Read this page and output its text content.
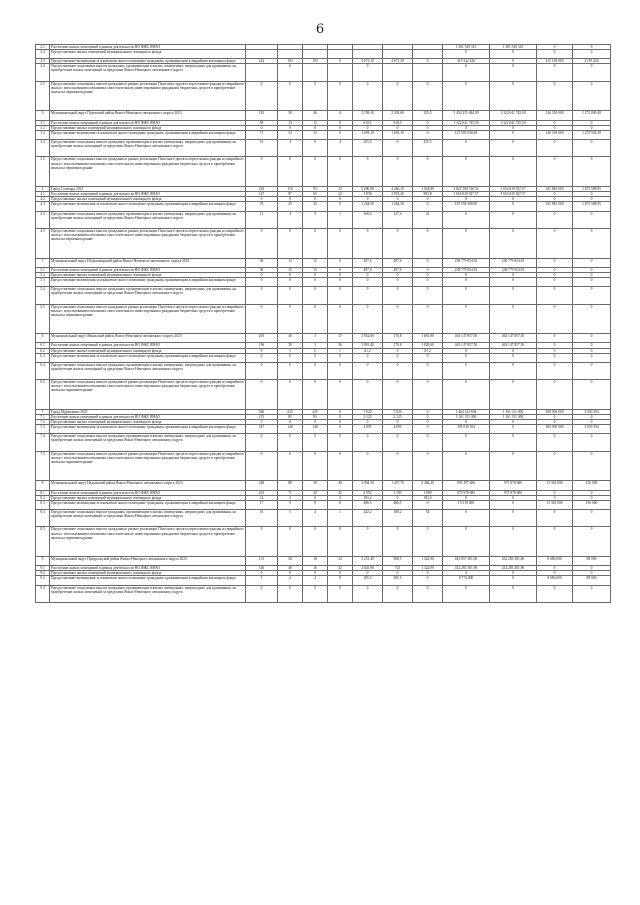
6
2.1	Расселение жилых помещений в рамках деятельности НО ФЖС ЯНАО								1 381 549 310	1 381 549 310	0	0
2.2	Предоставление жилых помещений муниципального жилищного фонда								0	0	0	0
2.3	Предоставление возмещения за изымаемое жилое помещение гражданам, проживающим в аварийном жилищном фонде	244	103	103	0	4 671,30	4 671,30	0	419 342 426	0	415 149 000	4 193 426
2.4	Предоставление социальных выплат гражданам, проживающим в жилых помещениях, непригодных для проживания, на приобретение жилых помещений за пределами Ямало-Ненецкого автономного округа		0			0			0	0	0	0
2.5	Предоставление социальных выплат гражданам в рамках реализации Пилотного проекта переселения граждан из аварийного жилья с использованием механизма самостоятельного инвестирования гражданами бюджетных средств в приобретение жилья на первичном рынке	0	0	0	0	0	0	0	0	0	0	0
3	Муниципальный округ Пуровский район Ямало-Ненецкого автономного округа 2023	145	50	46	4	2 558,10	2 303,60	255,5	1 450 255 484,00	1 322 641 745,50	126 318 000	1 275 009,49
3.1	Расселение жилых помещений в рамках деятельности НО ФЖС ЯНАО	58	13	13	0	610,5	610,5	0	1 322 641 745,50	1 322 641 745,50	0	0
3.2	Предоставление жилых помещений муниципального жилищного фонда	0	0	0	0	0	0	0	0	0	0	0
3.3	Предоставление возмещения за изымаемое жилое помещение гражданам, проживающим в аварийном жилищном фонде	71	33	33	0	1 693,10	1 693,10	0	127 593 938,49	0	126 318 000	1 275 938,49
3.4	Предоставление социальных выплат гражданам, проживающим в жилых помещениях, непригодных для проживания, на приобретение жилых помещений за пределами Ямало-Ненецкого автономного округа	16	4	0	4	255,5	0	255,5	0	0	0	0
3.5	Предоставление социальных выплат гражданам в рамках реализации Пилотного проекта переселения граждан из аварийного жилья с использованием механизма самостоятельного инвестирования гражданами бюджетных средств в приобретение жилья на первичном рынке	0	0	0	0	0	0	0	0	0	0	0
4	Город Салехард 2023	234	116	93	23	5 290,90	4 266,10	1 024,80	3 821 588 516,52	3 654 029 927,57	165 883 000	1 675 588,95
4.1	Расселение жилых помещений в рамках деятельности НО ФЖС ЯНАО	147	87	65	22	3 858	2 874,20	983,8	3 654 029 927,57	3 654 029 927,57	0	0
4.2	Предоставление жилых помещений муниципального жилищного фонда	0	0	0	0	0	0	0	0	0	0	0
4.3	Предоставление возмещения за изымаемое жилое помещение гражданам, проживающим в аварийном жилищном фонде	76	25	25	0	1 264,50	1 264,50	0	167 558 588,95	0	165 883 000	1 675 588,95
4.4	Предоставление социальных выплат гражданам, проживающим в жилых помещениях, непригодных для проживания, на приобретение жилых помещений за пределами Ямало-Ненецкого автономного округа	11	4	3	1	168,4	127,4	41	0	0	0	0
4.5	Предоставление социальных выплат гражданам в рамках реализации Пилотного проекта переселения граждан из аварийного жилья с использованием механизма самостоятельного инвестирования гражданами бюджетных средств в приобретение жилья на первичном рынке	0	0	0	0	0	0	0	0	0	0	0
5	Муниципальный округ Шурышкарский район Ямало-Ненецкого автономного округа 2023	38	15	15	0	497,6	497,6	0	238 779 854,93	238 779 854,93	0	0
5.1	Расселение жилых помещений в рамках деятельности НО ФЖС ЯНАО	38	15	15	0	497,6	497,6	0	238 779 854,93	238 779 854,93	0	0
5.2	Предоставление жилых помещений муниципального жилищного фонда	0	0	0	0	0	0	0	0	0	0	0
5.3	Предоставление возмещения за изымаемое жилое помещение гражданам, проживающим в аварийном жилищном фонде	0	0	0	0	0	0	0	0	0	0	0
5.4	Предоставление социальных выплат гражданам, проживающим в жилых помещениях, непригодных для проживания, на приобретение жилых помещений за пределами Ямало-Ненецкого автономного округа	0	0	0	0	0	0	0	0	0	0	0
5.5	Предоставление социальных выплат гражданам в рамках реализации Пилотного проекта переселения граждан из аварийного жилья с использованием механизма самостоятельного инвестирования гражданами бюджетных средств в приобретение жилья на первичном рынке	0	0	0	0	0	0	0	0	0	0	0
6	Муниципальный округ Ямальский район Ямало-Ненецкого автономного округа 2023	205	40	3	37	2 852,60	170,8	1 681,80	463 147 857,50	463 147 857,50	0	0
6.1	Расселение жилых помещений в рамках деятельности НО ФЖС ЯНАО	196	39	3	36	1 891,40	170,8	1 820,60	463 147 857,50	463 147 857,50	0	0
6.2	Предоставление жилых помещений муниципального жилищного фонда	9	1	0	1	61,2	0	61,2	0	0	0	0
6.3	Предоставление возмещения за изымаемое жилое помещение гражданам, проживающим в аварийном жилищном фонде	0	0	0	0	0	0	0	0	0	0	0
6.4	Предоставление социальных выплат гражданам, проживающим в жилых помещениях, непригодных для проживания, на приобретение жилых помещений за пределами Ямало-Ненецкого автономного округа	0	0	0	0	0	0	0	0	0	0	0
6.5	Предоставление социальных выплат гражданам в рамках реализации Пилотного проекта переселения граждан из аварийного жилья с использованием механизма самостоятельного инвестирования гражданами бюджетных средств в приобретение жилья на первичном рынке	0	0	0	0	0	0	0	0	0	0	0
7	Город Муравленко 2023	560	225	225	0	7 020	7 020	0	1 464 341 694	1 161 311 300	300 000 000	3 030 394
7.1	Расселение жилых помещений в рамках деятельности НО ФЖС ЯНАО	213	85	85	0	2 125	2 125	0	1 161 311 300	1 161 311 300	0	0
7.2	Предоставление жилых помещений муниципального жилищного фонда	0	0	0	0	0	0	0	0	0	0	0
7.3	Предоставление возмещения за изымаемое жилое помещение гражданам, проживающим в аварийном жилищном фонде	347	140	140	0	4 895	4 895	0	303 030 394	0	300 000 000	3 030 394
7.4	Предоставление социальных выплат гражданам, проживающим в жилых помещениях, непригодных для проживания, на приобретение жилых помещений за пределами Ямало-Ненецкого автономного округа	0	0	0	0	0	0	0	0	0	0	0
7.5	Предоставление социальных выплат гражданам в рамках реализации Пилотного проекта переселения граждан из аварийного жилья с использованием механизма самостоятельного инвестирования гражданами бюджетных средств в приобретение жилья на первичном рынке	0	0	0	0	0	0	0	0	0	0	0
8	Муниципальный округ Надымский район Ямало-Ненецкого автономного округа 2023	248	88	39	49	3 904,10	1 457,70	2 446,40	991 497 686	975 978 686	15 363 000	156 000
8.1	Расселение жилых помещений в рамках деятельности НО ФЖС ЯНАО	201	71	26	45	2 992	1 183	1 809	975 978 686	975 978 686	0	0
8.2	Предоставление жилых помещений муниципального жилищного фонда	14	3	0	3	183,4	0	183,4	0	0	0	0
8.3	Предоставление возмещения за изымаемое жилое помещение гражданам, проживающим в аварийном жилищном фонде	17	9	9	0	486,5	486,5	0	15 519 000	0	15 363 000	156 000
8.4	Предоставление социальных выплат гражданам, проживающим в жилых помещениях, непригодных для проживания, на приобретение жилых помещений за пределами Ямало-Ненецкого автономного округа	16	5	4	1	242,2	188,2	54	0	0	0	0
8.5	Предоставление социальных выплат гражданам в рамках реализации Пилотного проекта переселения граждан из аварийного жилья с использованием механизма самостоятельного инвестирования гражданами бюджетных средств в приобретение жилья на первичном рынке	0	0	0	0	0	0	0	0	0	0	0
9	Муниципальный округ Приуральский район Ямало-Ненецкого автономного округа 2023	131	50	18	32	2 231,40	908,5	1 322,90	441 057 381,96	432 283 381,96	8 686 000	88 000
9.1	Расселение жилых помещений в рамках деятельности НО ФЖС ЯНАО	126	48	16	32	2 045,90	723	1 322,90	432 283 381,96	432 283 381,96	0	0
9.2	Предоставление жилых помещений муниципального жилищного фонда	0	0	0	0	0	0	0	0	0	0	0
9.3	Предоставление возмещения за изымаемое жилое помещение гражданам, проживающим в аварийном жилищном фонде	5	2	2	0	185,5	185,5	0	8 774 000	0	8 686 000	88 000
9.4	Предоставление социальных выплат гражданам, проживающим в жилых помещениях, непригодных для проживания, на приобретение жилых помещений за пределами Ямало-Ненецкого автономного округа	0	0	0	0	0	0	0	0	0	0	0
